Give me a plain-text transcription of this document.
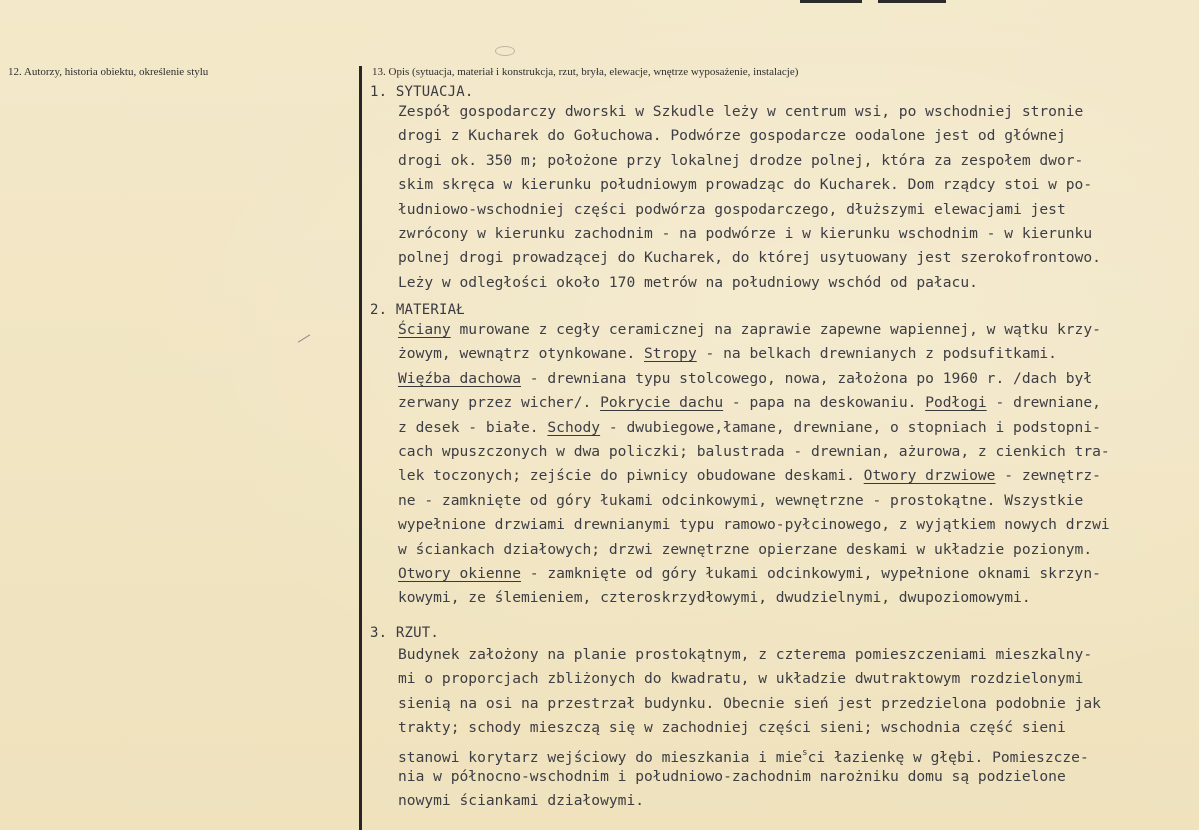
12. Autorzy, historia obiektu, określenie stylu	13. Opis (sytuacja, materiał i konstrukcja, rzut, bryła, elewacje, wnętrze wyposażenie, instalacje)
1. SYTUACJA.
Zespół gospodarczy dworski w Szkudle leży w centrum wsi, po wschodniej stronie
drogi z Kucharek do Gołuchowa. Podwórze gospodarcze oodalone jest od głównej
drogi ok. 350 m; położone przy lokalnej drodze polnej, która za zespołem dwor-
skim skręca w kierunku południowym prowadząc do Kucharek. Dom rządcy stoi w po-
łudniowo-wschodniej części podwórza gospodarczego, dłuższymi elewacjami jest
zwrócony w kierunku zachodnim - na podwórze i w kierunku wschodnim - w kierunku
polnej drogi prowadzącej do Kucharek, do której usytuowany jest szerokofrontowo.
Leży w odległości około 170 metrów na południowy wschód od pałacu.
2. MATERIAŁ
Ściany murowane z cegły ceramicznej na zaprawie zapewne wapiennej, w wątku krzy-
żowym, wewnątrz otynkowane. Stropy - na belkach drewnianych z podsufitkami.
Więźba dachowa - drewniana typu stolcowego, nowa, założona po 1960 r. /dach był
zerwany przez wicher/. Pokrycie dachu - papa na deskowaniu. Podłogi - drewniane,
z desek - białe. Schody - dwubiegowe,łamane, drewniane, o stopniach i podstopni-
cach wpuszczonych w dwa policzki; balustrada - drewnian, ażurowa, z cienkich tra-
lek toczonych; zejście do piwnicy obudowane deskami. Otwory drzwiowe - zewnętrz-
ne - zamknięte od góry łukami odcinkowymi, wewnętrzne - prostokątne. Wszystkie
wypełnione drzwiami drewnianymi typu ramowo-pyłcinowego, z wyjątkiem nowych drzwi
w ściankach działowych; drzwi zewnętrzne opierzane deskami w układzie pozionym.
Otwory okienne - zamknięte od góry łukami odcinkowymi, wypełnione oknami skrzyn-
kowymi, ze ślemieniem, czteroskrzydłowymi, dwudzielnymi, dwupoziomowymi.
3. RZUT.
Budynek założony na planie prostokątnym, z czterema pomieszczeniami mieszkalny-
mi o proporcjach zbliżonych do kwadratu, w układzie dwutraktowym rozdzielonymi
sienią na osi na przestrzał budynku. Obecnie sień jest przedzielona podobnie jak
trakty; schody mieszczą się w zachodniej części sieni; wschodnia część sieni
stanowi korytarz wejściowy do mieszkania i mie$^s$ci łazienkę w głębi. Pomieszcze-
nia w północno-wschodnim i południowo-zachodnim narożniku domu są podzielone
nowymi ściankami działowymi.
